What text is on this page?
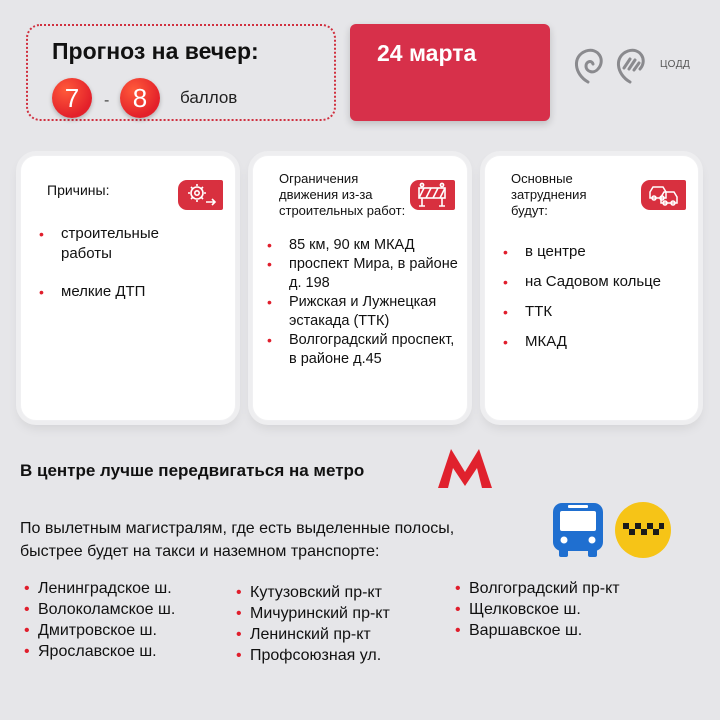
Прогноз на вечер:
7	- 8	баллов
24 марта	ЦОДД
Причины:
• строительные работы
• мелкие ДТП
Ограничения
движения из-за
строительных работ:
• 85 км, 90 км МКАД
• проспект Мира, в районе д. 198
• Рижская и Лужнецкая эстакада (ТТК)
• Волгоградский проспект, в районе д.45
Основные
затруднения
будут:
• в центре
• на Садовом кольце
• ТТК
• МКАД
В центре лучше передвигаться на метро
По вылетным магистралям, где есть выделенные полосы,
быстрее будет на такси и наземном транспорте:
• Ленинградское ш.
• Волоколамское ш.
• Дмитровское ш.
• Ярославское ш.
• Кутузовский пр-кт
• Мичуринский пр-кт
• Ленинский пр-кт
• Профсоюзная ул.
• Волгоградский пр-кт
• Щелковское ш.
• Варшавское ш.
